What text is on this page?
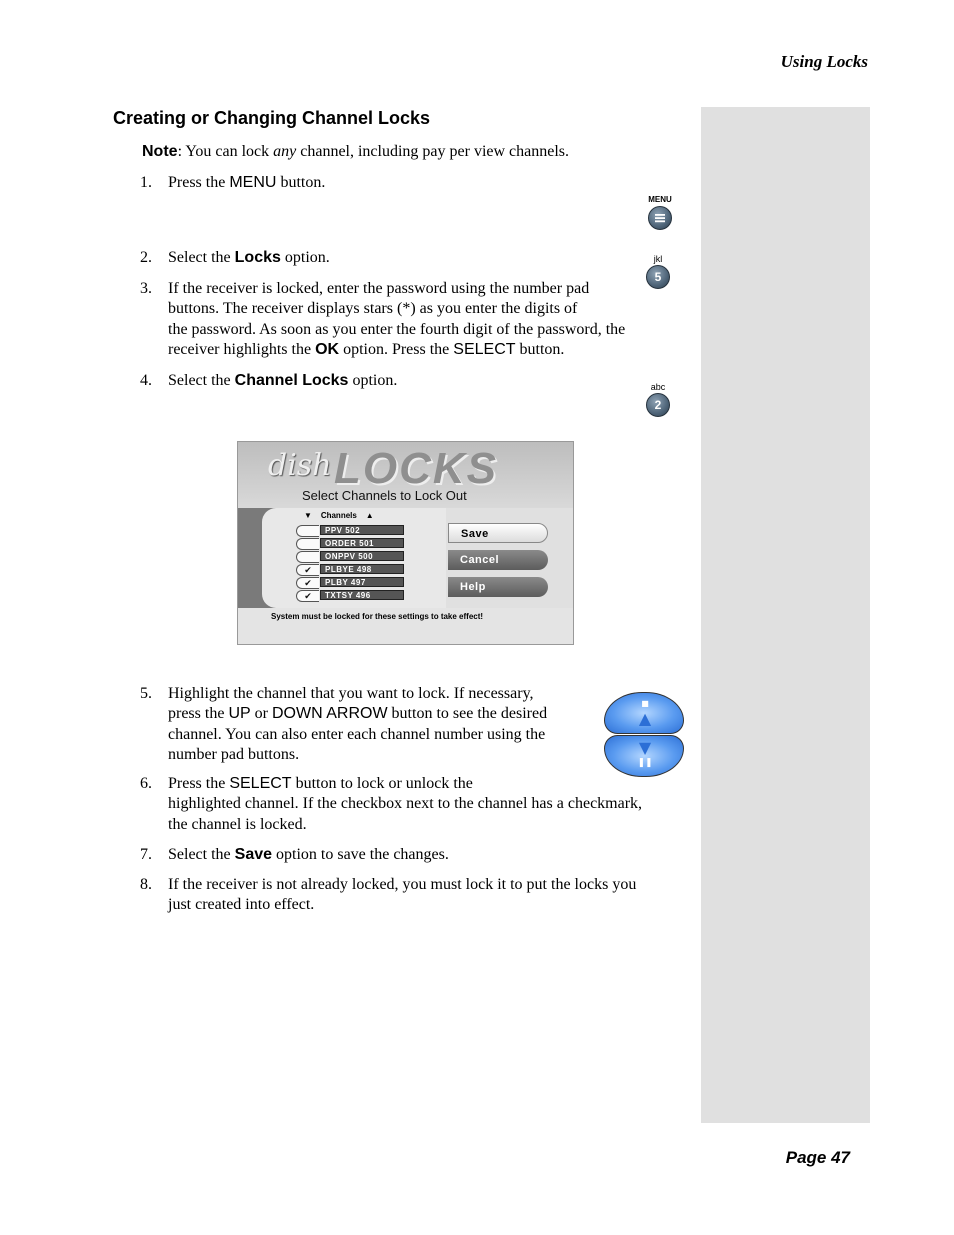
Using Locks
Creating or Changing Channel Locks
Note: You can lock any channel, including pay per view channels.
1. Press the MENU button.
2. Select the Locks option.
3. If the receiver is locked, enter the password using the number pad
buttons. The receiver displays stars (*) as you enter the digits of
the password. As soon as you enter the fourth digit of the password, the
receiver highlights the OK option. Press the SELECT button.
4. Select the Channel Locks option.
MENU
jkl
5
abc
2
dish LOCKS
Select Channels to Lock Out
▼ Channels ▲
PPV 502
ORDER 501
ONPPV 500
✔	PLBYE 498
✔	PLBY 497
✔	TXTSY 496
Save
Cancel
Help
System must be locked for these settings to take effect!
5. Highlight the channel that you want to lock. If necessary,
press the UP or DOWN ARROW button to see the desired
channel. You can also enter each channel number using the
number pad buttons.
■
▲
▼
❚❚
6. Press the SELECT button to lock or unlock the
highlighted channel. If the checkbox next to the channel has a checkmark,
the channel is locked.
7. Select the Save option to save the changes.
8. If the receiver is not already locked, you must lock it to put the locks you
just created into effect.
Page 47
